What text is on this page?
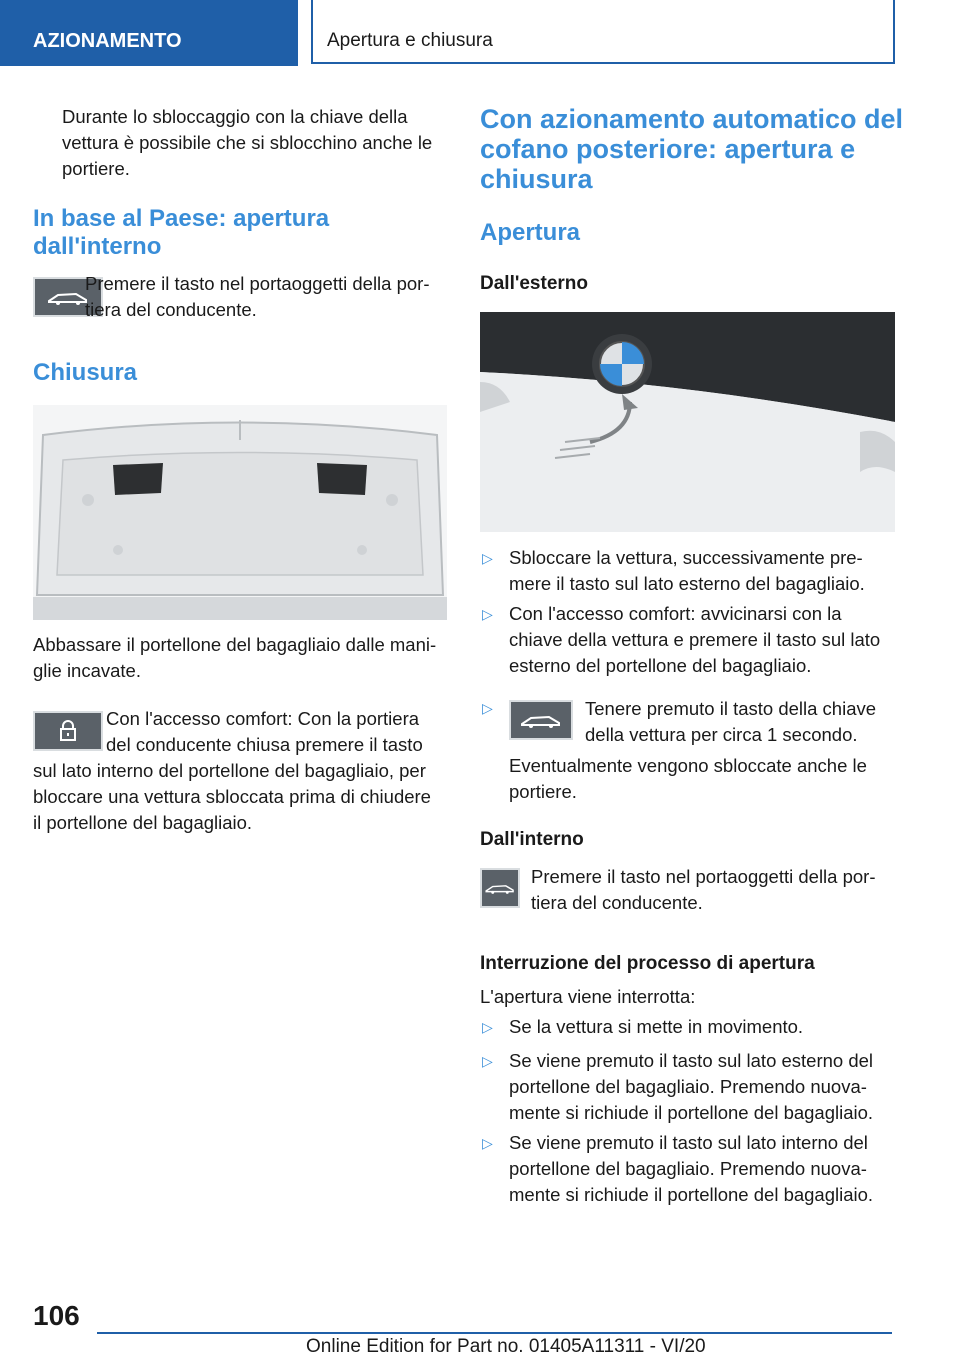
AZIONAMENTO	Apertura e chiusura

Durante lo sbloccaggio con la chiave della

vettura è possibile che si sblocchino anche le

portiere.

In base al Paese: apertura
dall'interno

Premere il tasto nel portaoggetti della por-

tiera del conducente.

Chiusura

Abbassare il portellone del bagagliaio dalle mani-

glie incavate.

Con l'accesso comfort: Con la portiera

del conducente chiusa premere il tasto

sul lato interno del portellone del bagagliaio, per

bloccare una vettura sbloccata prima di chiudere

il portellone del bagagliaio.

Con azionamento automatico del
cofano posteriore: apertura e
chiusura
Apertura
Dall'esterno
▷ Sbloccare la vettura, successivamente pre-
mere il tasto sul lato esterno del bagagliaio.
▷ Con l'accesso comfort: avvicinarsi con la
chiave della vettura e premere il tasto sul lato
esterno del portellone del bagagliaio.
▷	Tenere premuto il tasto della chiave
della vettura per circa 1 secondo.

Eventualmente vengono sbloccate anche le

portiere.

Dall'interno

Premere il tasto nel portaoggetti della por-

tiera del conducente.

Interruzione del processo di apertura

L'apertura viene interrotta:

▷ Se la vettura si mette in movimento.
▷ Se viene premuto il tasto sul lato esterno del
portellone del bagagliaio. Premendo nuova-
mente si richiude il portellone del bagagliaio.
▷ Se viene premuto il tasto sul lato interno del
portellone del bagagliaio. Premendo nuova-
mente si richiude il portellone del bagagliaio.
106
Online Edition for Part no. 01405A11311 - VI/20
